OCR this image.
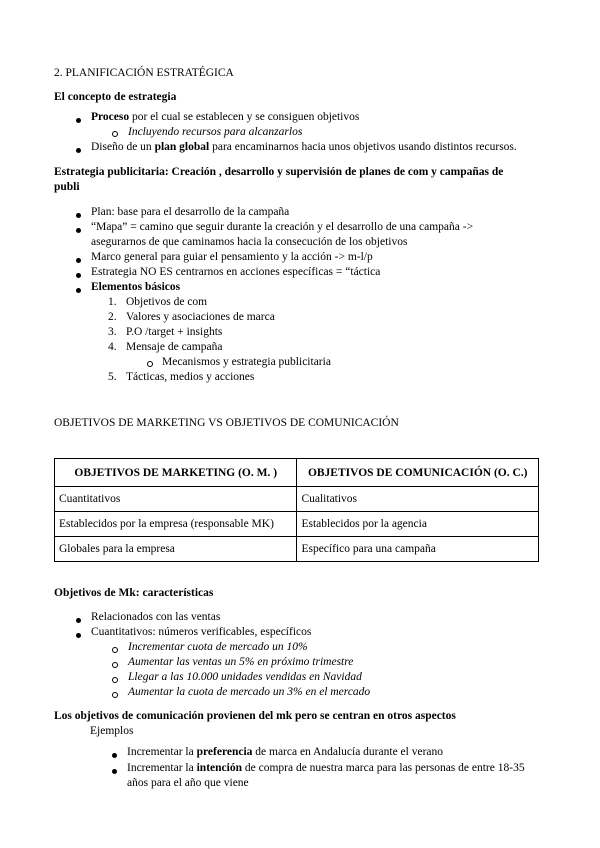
2. PLANIFICACIÓN ESTRATÉGICA
El concepto de estrategia
Proceso por el cual se establecen y se consiguen objetivos
Incluyendo recursos para alcanzarlos
Diseño de un plan global para encaminarnos hacia unos objetivos usando distintos recursos.
Estrategia publicitaria: Creación , desarrollo y supervisión de planes de com y campañas de
publi
Plan: base para el desarrollo de la campaña
“Mapa” = camino que seguir durante la creación y el desarrollo de una campaña ->
asegurarnos de que caminamos hacia la consecución de los objetivos
Marco general para guiar el pensamiento y la acción -> m-l/p
Estrategia NO ES centrarnos en acciones específicas = “táctica
Elementos básicos
1. Objetivos de com
2. Valores y asociaciones de marca
3. P.O /target + insights
4. Mensaje de campaña
Mecanismos y estrategia publicitaria
5. Tácticas, medios y acciones
OBJETIVOS DE MARKETING VS OBJETIVOS DE COMUNICACIÓN
OBJETIVOS DE MARKETING (O. M. )	OBJETIVOS DE COMUNICACIÓN (O. C.)
Cuantitativos	Cualitativos
Establecidos por la empresa (responsable MK)	Establecidos por la agencia
Globales para la empresa	Específico para una campaña
Objetivos de Mk: características
Relacionados con las ventas
Cuantitativos: números verificables, específicos
Incrementar cuota de mercado un 10%
Aumentar las ventas un 5% en próximo trimestre
Llegar a las 10.000 unidades vendidas en Navidad
Aumentar la cuota de mercado un 3% en el mercado
Los objetivos de comunicación provienen del mk pero se centran en otros aspectos
Ejemplos
Incrementar la preferencia de marca en Andalucía durante el verano
Incrementar la intención de compra de nuestra marca para las personas de entre 18-35
años para el año que viene
